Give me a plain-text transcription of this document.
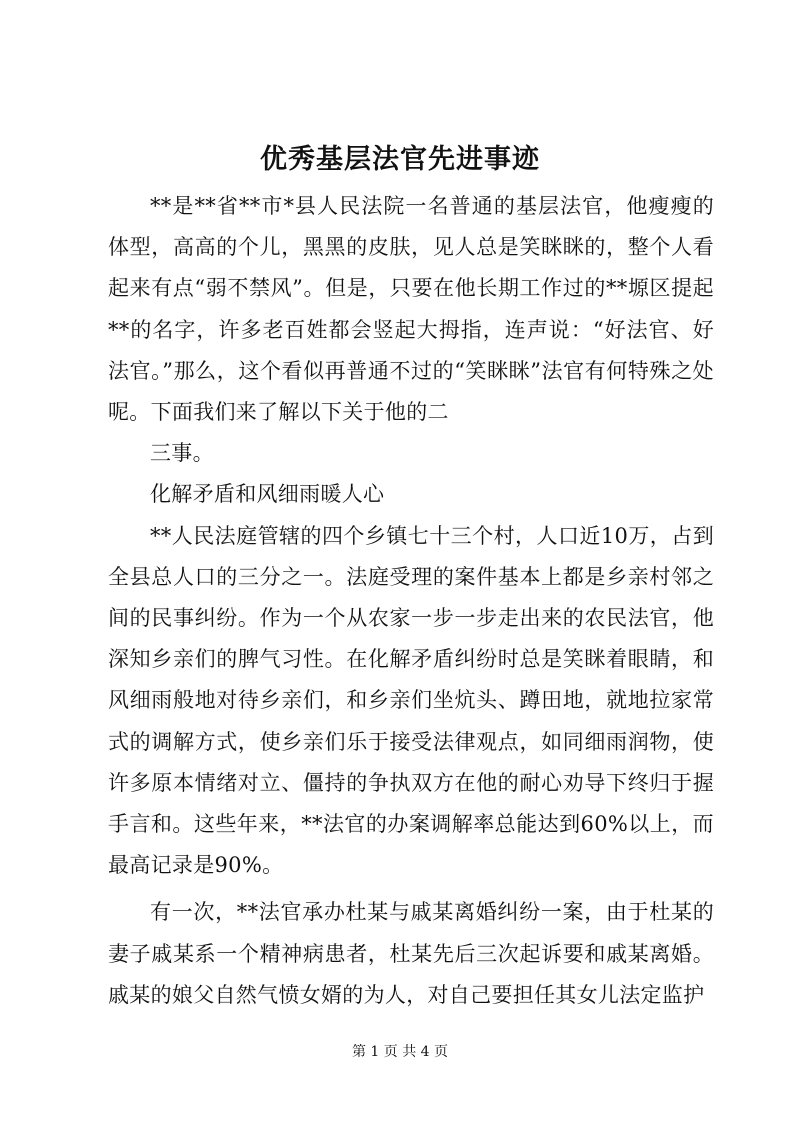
优秀基层法官先进事迹

**是**省**市*县人民法院一名普通的基层法官，他瘦瘦的体型，高高的个儿，黑黑的皮肤，见人总是笑眯眯的，整个人看起来有点“弱不禁风”。但是，只要在他长期工作过的**塬区提起**的名字，许多老百姓都会竖起大拇指，连声说：“好法官、好法官。”那么，这个看似再普通不过的“笑眯眯”法官有何特殊之处呢。下面我们来了解以下关于他的二

三事。

化解矛盾和风细雨暖人心

**人民法庭管辖的四个乡镇七十三个村，人口近10万，占到全县总人口的三分之一。法庭受理的案件基本上都是乡亲村邻之间的民事纠纷。作为一个从农家一步一步走出来的农民法官，他深知乡亲们的脾气习性。在化解矛盾纠纷时总是笑眯着眼睛，和风细雨般地对待乡亲们，和乡亲们坐炕头、蹲田地，就地拉家常式的调解方式，使乡亲们乐于接受法律观点，如同细雨润物，使许多原本情绪对立、僵持的争执双方在他的耐心劝导下终归于握手言和。这些年来，**法官的办案调解率总能达到60%以上，而最高记录是90%。

有一次，**法官承办杜某与戚某离婚纠纷一案，由于杜某的妻子戚某系一个精神病患者，杜某先后三次起诉要和戚某离婚。戚某的娘父自然气愤女婿的为人，对自己要担任其女儿法定监护

第 1 页 共 4 页
